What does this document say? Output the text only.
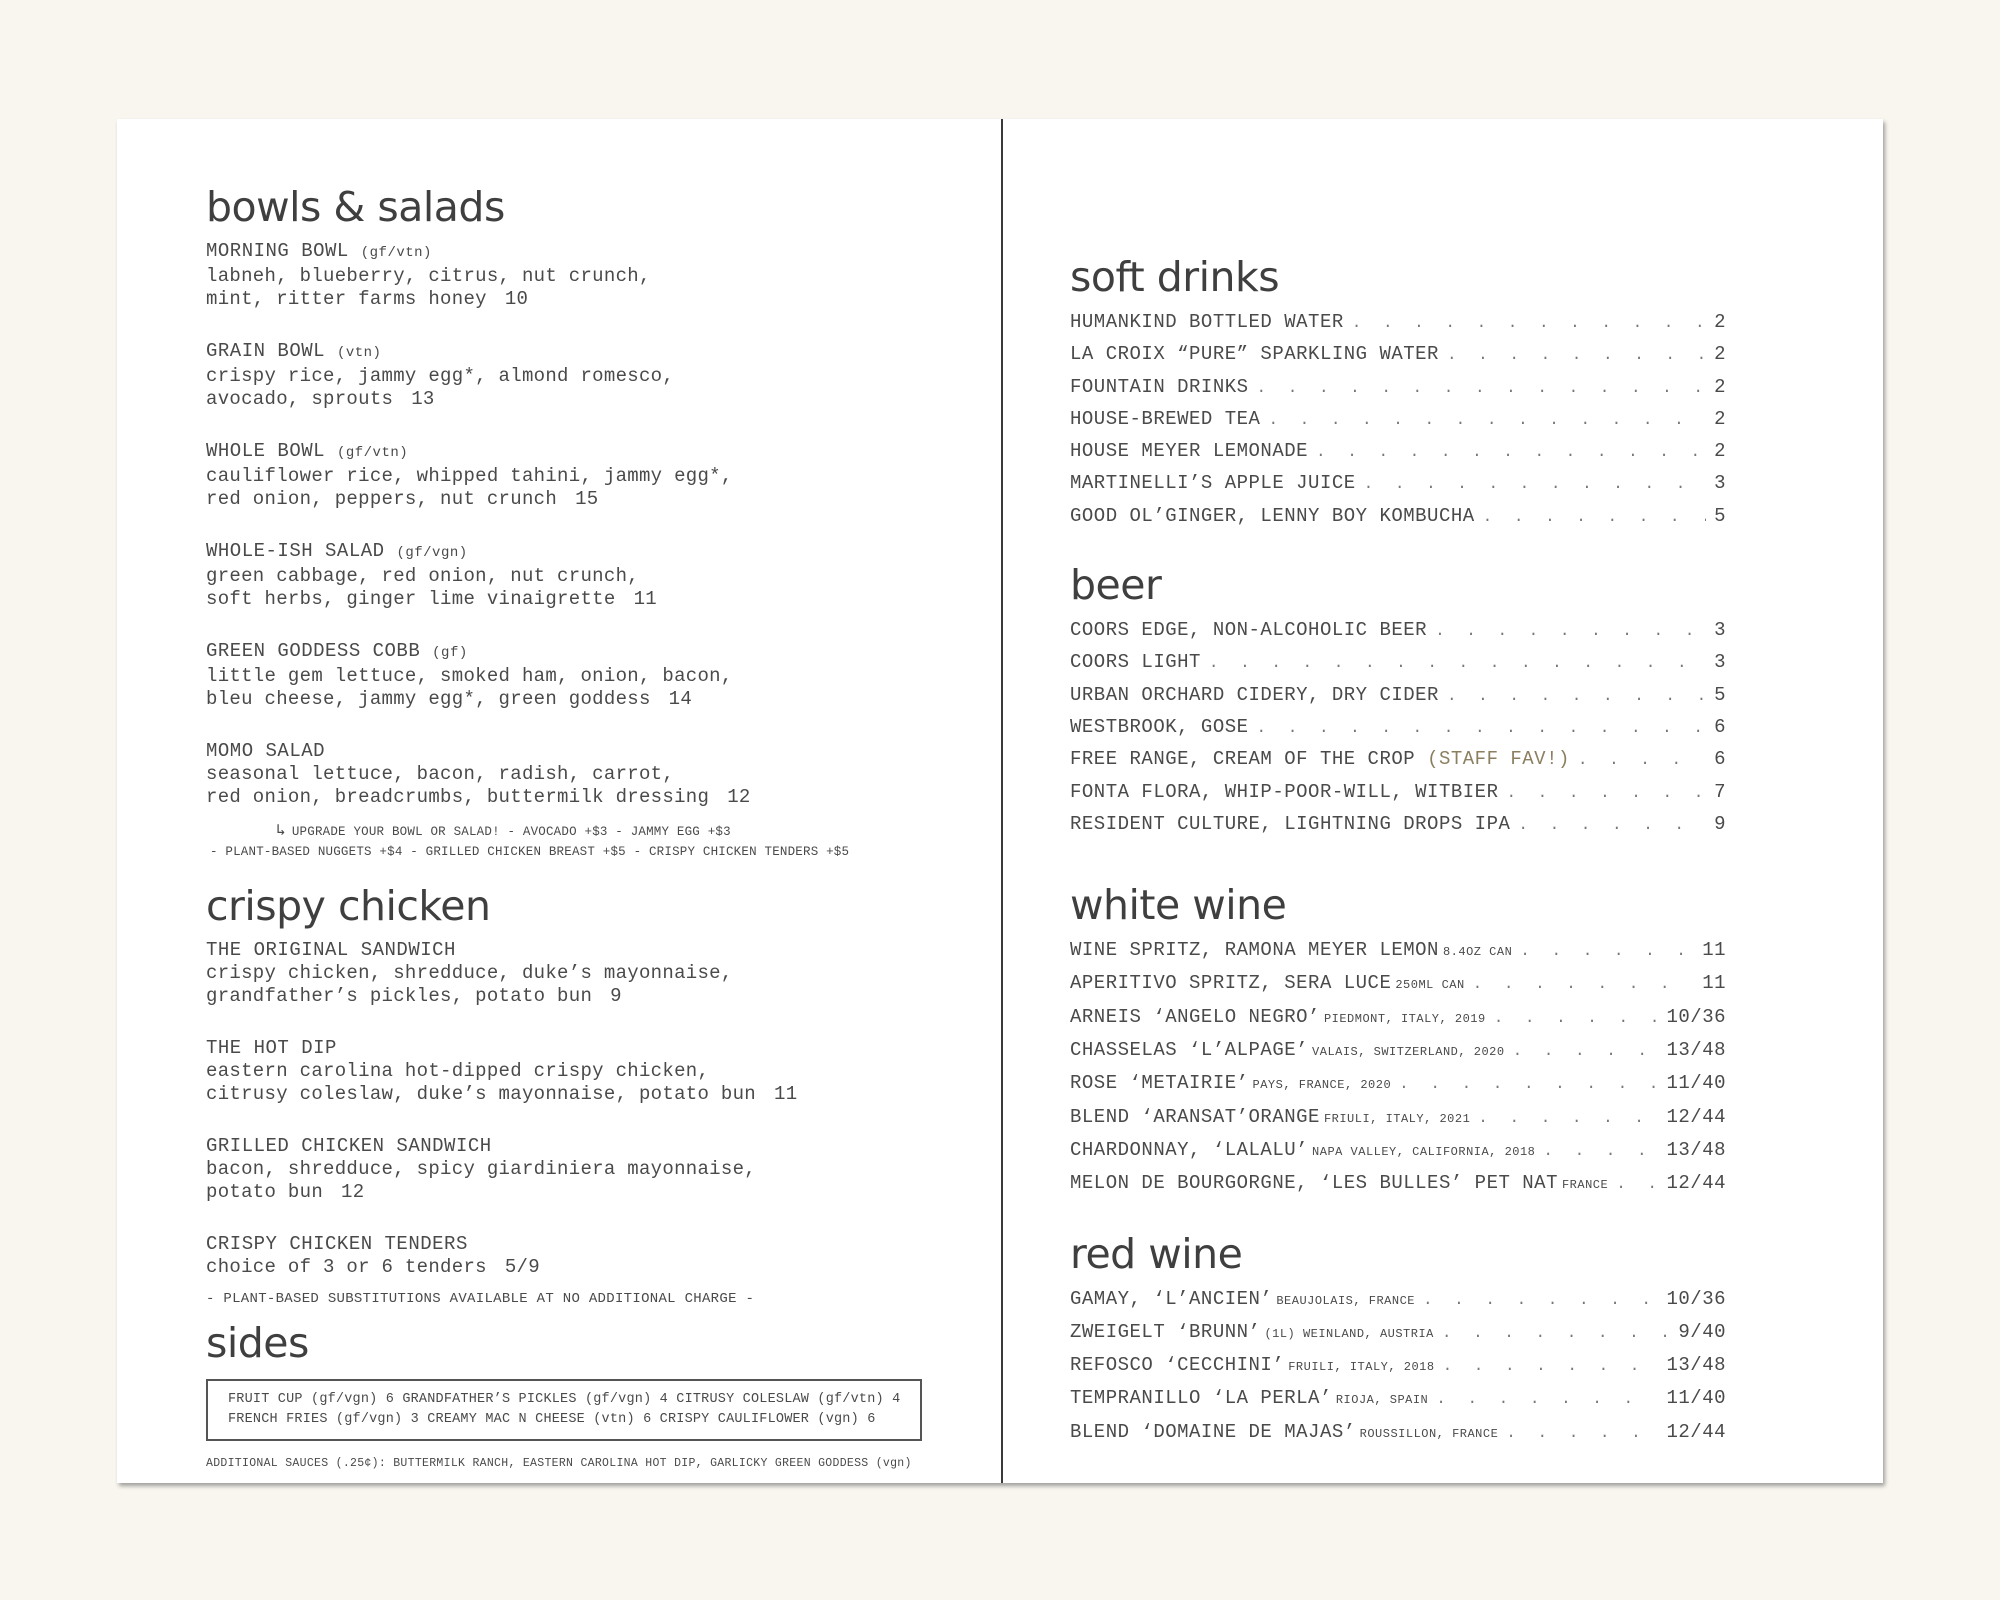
bowls & salads
MORNING BOWL (gf/vtn)
labneh, blueberry, citrus, nut crunch,
mint, ritter farms honey 10
GRAIN BOWL (vtn)
crispy rice, jammy egg*, almond romesco,
avocado, sprouts 13
WHOLE BOWL (gf/vtn)
cauliflower rice, whipped tahini, jammy egg*,
red onion, peppers, nut crunch 15
WHOLE-ISH SALAD (gf/vgn)
green cabbage, red onion, nut crunch,
soft herbs, ginger lime vinaigrette 11
GREEN GODDESS COBB (gf)
little gem lettuce, smoked ham, onion, bacon,
bleu cheese, jammy egg*, green goddess 14
MOMO SALAD
seasonal lettuce, bacon, radish, carrot,
red onion, breadcrumbs, buttermilk dressing 12
↳ UPGRADE YOUR BOWL OR SALAD! - AVOCADO +$3 - JAMMY EGG +$3
- PLANT-BASED NUGGETS +$4 - GRILLED CHICKEN BREAST +$5 - CRISPY CHICKEN TENDERS +$5
crispy chicken
THE ORIGINAL SANDWICH
crispy chicken, shredduce, duke’s mayonnaise,
grandfather’s pickles, potato bun 9
THE HOT DIP
eastern carolina hot-dipped crispy chicken,
citrusy coleslaw, duke’s mayonnaise, potato bun 11
GRILLED CHICKEN SANDWICH
bacon, shredduce, spicy giardiniera mayonnaise,
potato bun 12
CRISPY CHICKEN TENDERS
choice of 3 or 6 tenders 5/9
- PLANT-BASED SUBSTITUTIONS AVAILABLE AT NO ADDITIONAL CHARGE -
sides
FRUIT CUP (gf/vgn) 6 GRANDFATHER’S PICKLES (gf/vgn) 4 CITRUSY COLESLAW (gf/vtn) 4
FRENCH FRIES (gf/vgn) 3 CREAMY MAC N CHEESE (vtn) 6 CRISPY CAULIFLOWER (vgn) 6
ADDITIONAL SAUCES (.25¢): BUTTERMILK RANCH, EASTERN CAROLINA HOT DIP, GARLICKY GREEN GODDESS (vgn)
soft drinks
HUMANKIND BOTTLED WATER . . .	2
LA CROIX “PURE” SPARKLING WATER . . .	2
FOUNTAIN DRINKS . . .	2
HOUSE-BREWED TEA . . .	2
HOUSE MEYER LEMONADE . . .	2
MARTINELLI’S APPLE JUICE . . .	3
GOOD OL’GINGER, LENNY BOY KOMBUCHA . . .	5
beer
COORS EDGE, NON-ALCOHOLIC BEER . . .	3
COORS LIGHT . . .	3
URBAN ORCHARD CIDERY, DRY CIDER . . .	5
WESTBROOK, GOSE . . .	6
FREE RANGE, CREAM OF THE CROP
(STAFF FAV!) . . .	6
FONTA FLORA, WHIP-POOR-WILL, WITBIER . . .	7
RESIDENT CULTURE, LIGHTNING DROPS IPA . . .	9
white wine
WINE SPRITZ, RAMONA MEYER LEMON 8.4OZ CAN . . .	11
APERITIVO SPRITZ, SERA LUCE 250ML CAN . . .	11
ARNEIS ‘ANGELO NEGRO’ PIEDMONT, ITALY, 2019 . . .	10/36
CHASSELAS ‘L’ALPAGE’ VALAIS, SWITZERLAND, 2020 . . .	13/48
ROSE ‘METAIRIE’ PAYS, FRANCE, 2020 . . .	11/40
BLEND ‘ARANSAT’ORANGE FRIULI, ITALY, 2021 . . .	12/44
CHARDONNAY, ‘LALALU’ NAPA VALLEY, CALIFORNIA, 2018 . . .	13/48
MELON DE BOURGORGNE, ‘LES BULLES’ PET NAT FRANCE . . .	12/44
red wine
GAMAY, ‘L’ANCIEN’ BEAUJOLAIS, FRANCE . . .	10/36
ZWEIGELT ‘BRUNN’ (1L) WEINLAND, AUSTRIA . . .	9/40
REFOSCO ‘CECCHINI’ FRUILI, ITALY, 2018 . . .	13/48
TEMPRANILLO ‘LA PERLA’ RIOJA, SPAIN . . .	11/40
BLEND ‘DOMAINE DE MAJAS’ ROUSSILLON, FRANCE . . .	12/44
